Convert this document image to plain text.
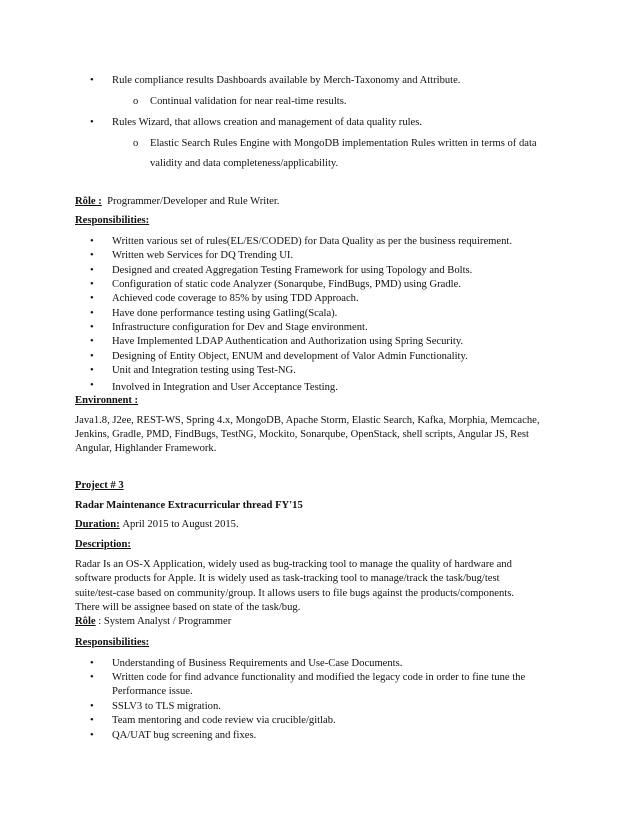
• Rule compliance results Dashboards available by Merch-Taxonomy and Attribute.
o Continual validation for near real-time results.
• Rules Wizard, that allows creation and management of data quality rules.
o Elastic Search Rules Engine with MongoDB implementation Rules written in terms of data
validity and data completeness/applicability.
Rôle : Programmer/Developer and Rule Writer.
Responsibilities:
• Written various set of rules(EL/ES/CODED) for Data Quality as per the business requirement.
• Written web Services for DQ Trending UI.
• Designed and created Aggregation Testing Framework for using Topology and Bolts.
• Configuration of static code Analyzer (Sonarqube, FindBugs, PMD) using Gradle.
• Achieved code coverage to 85% by using TDD Approach.
• Have done performance testing using Gatling(Scala).
• Infrastructure configuration for Dev and Stage environment.
• Have Implemented LDAP Authentication and Authorization using Spring Security.
• Designing of Entity Object, ENUM and development of Valor Admin Functionality.
• Unit and Integration testing using Test-NG.
• Involved in Integration and User Acceptance Testing.
Environnent :
Java1.8, J2ee, REST-WS, Spring 4.x, MongoDB, Apache Storm, Elastic Search, Kafka, Morphia, Memcache,
Jenkins, Gradle, PMD, FindBugs, TestNG, Mockito, Sonarqube, OpenStack, shell scripts, Angular JS, Rest
Angular, Highlander Framework.
Project # 3
Radar Maintenance Extracurricular thread FY'15
Duration: April 2015 to August 2015.
Description:
Radar Is an OS-X Application, widely used as bug-tracking tool to manage the quality of hardware and
software products for Apple. It is widely used as task-tracking tool to manage/track the task/bug/test
suite/test-case based on community/group. It allows users to file bugs against the products/components.
There will be assignee based on state of the task/bug.
Rôle : System Analyst / Programmer
Responsibilities:
• Understanding of Business Requirements and Use-Case Documents.
• Written code for find advance functionality and modified the legacy code in order to fine tune the
Performance issue.
• SSLV3 to TLS migration.
• Team mentoring and code review via crucible/gitlab.
• QA/UAT bug screening and fixes.
